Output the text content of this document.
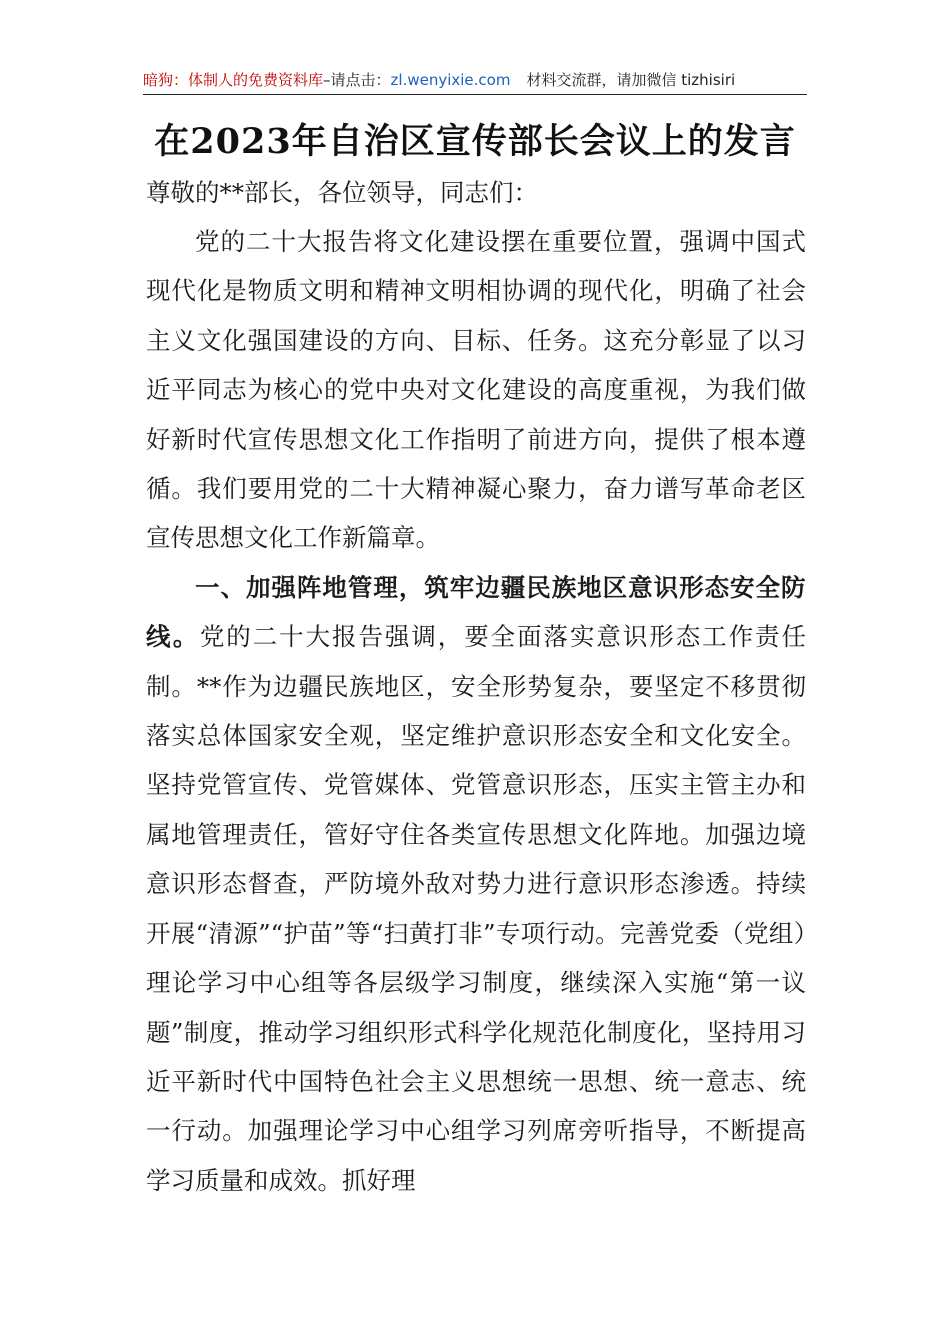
暗狗：体制人的免费资料库–请点击：zl.wenyixie.com 材料交流群，请加微信 tizhisiri
在2023年自治区宣传部长会议上的发言

尊敬的**部长，各位领导，同志们：

党的二十大报告将文化建设摆在重要位置，强调中国式现代化是物质文明和精神文明相协调的现代化，明确了社会主义文化强国建设的方向、目标、任务。这充分彰显了以习近平同志为核心的党中央对文化建设的高度重视，为我们做好新时代宣传思想文化工作指明了前进方向，提供了根本遵循。我们要用党的二十大精神凝心聚力，奋力谱写革命老区宣传思想文化工作新篇章。

一、加强阵地管理，筑牢边疆民族地区意识形态安全防线。党的二十大报告强调，要全面落实意识形态工作责任制。**作为边疆民族地区，安全形势复杂，要坚定不移贯彻落实总体国家安全观，坚定维护意识形态安全和文化安全。坚持党管宣传、党管媒体、党管意识形态，压实主管主办和属地管理责任，管好守住各类宣传思想文化阵地。加强边境意识形态督查，严防境外敌对势力进行意识形态渗透。持续开展“清源”“护苗”等“扫黄打非”专项行动。完善党委（党组）理论学习中心组等各层级学习制度，继续深入实施“第一议题”制度，推动学习组织形式科学化规范化制度化，坚持用习近平新时代中国特色社会主义思想统一思想、统一意志、统一行动。加强理论学习中心组学习列席旁听指导，不断提高学习质量和成效。抓好理
